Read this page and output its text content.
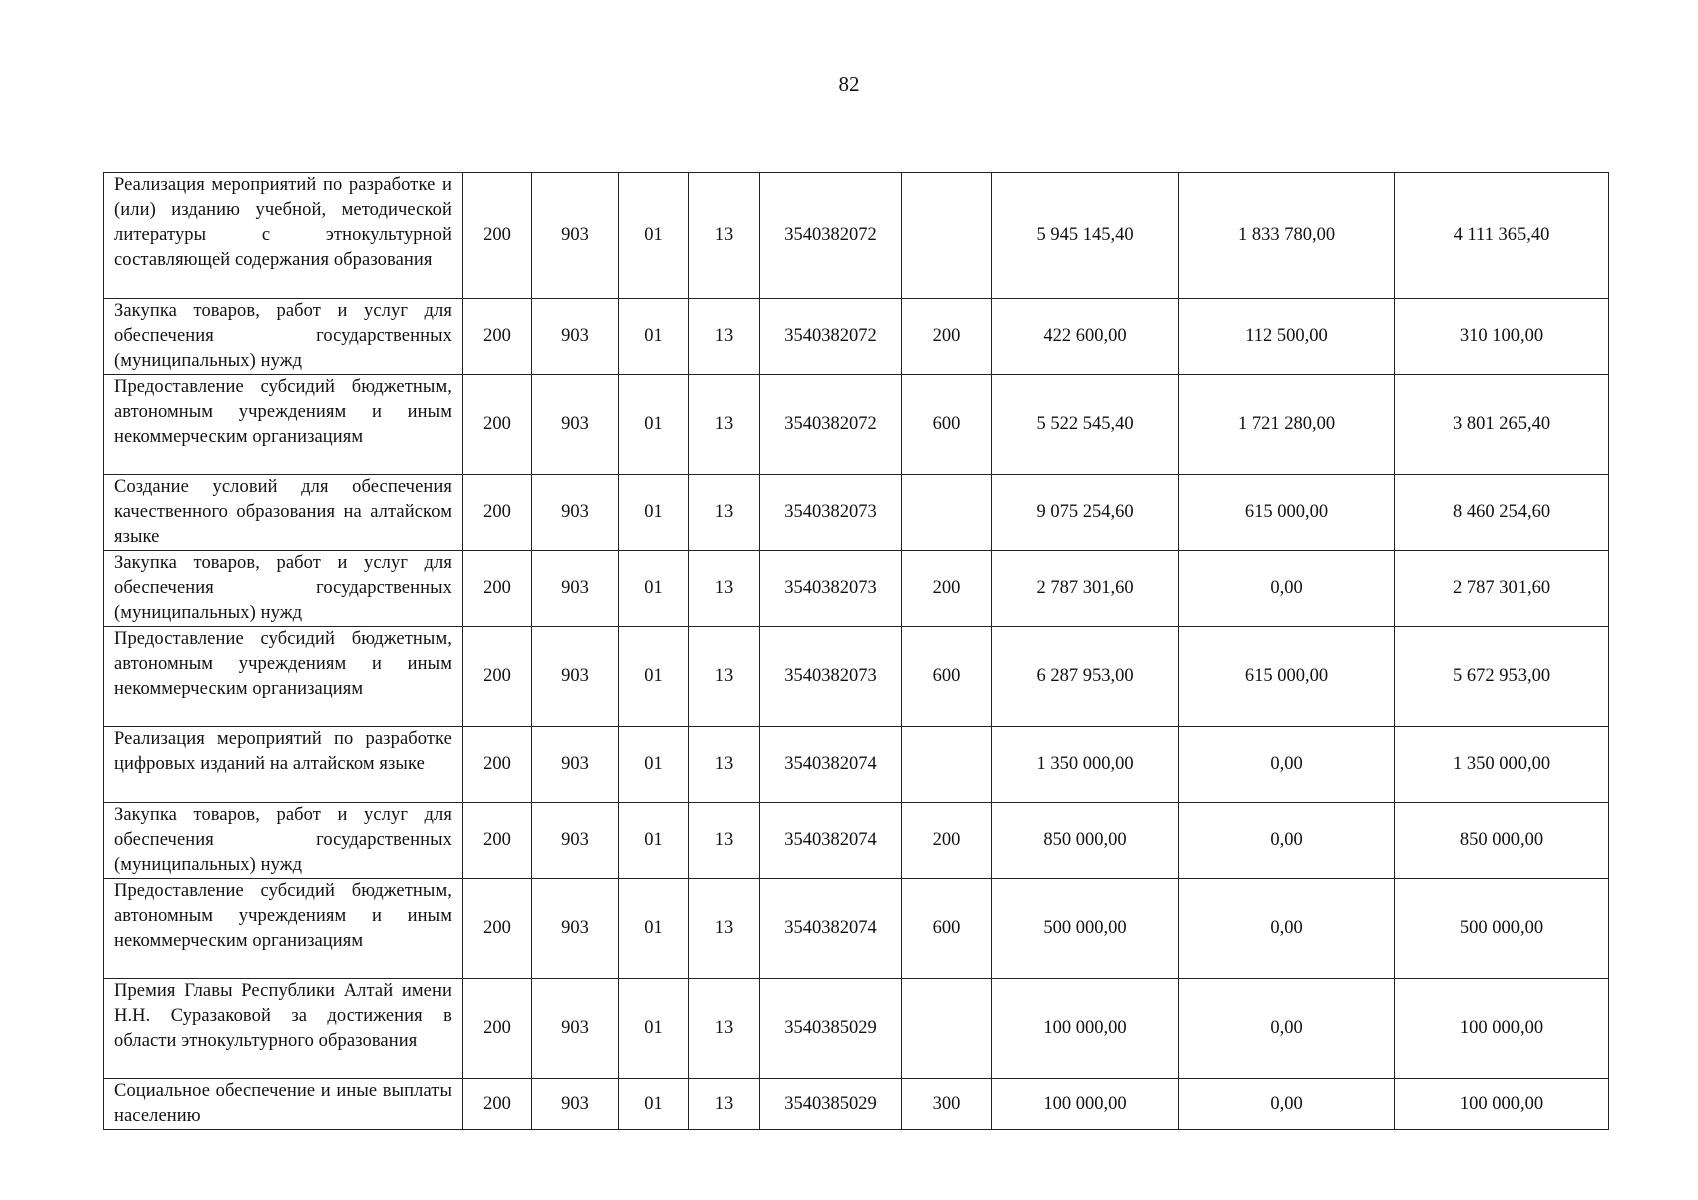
82
Реализация мероприятий по разработке и (или) изданию учебной, методической литературы с этнокультурной составляющей содержания образования	200	903	01	13	3540382072		5 945 145,40	1 833 780,00	4 111 365,40
Закупка товаров, работ и услуг для обеспечения государственных (муниципальных) нужд	200	903	01	13	3540382072	200	422 600,00	112 500,00	310 100,00
Предоставление субсидий бюджетным, автономным учреждениям и иным некоммерческим организациям	200	903	01	13	3540382072	600	5 522 545,40	1 721 280,00	3 801 265,40
Создание условий для обеспечения качественного образования на алтайском языке	200	903	01	13	3540382073		9 075 254,60	615 000,00	8 460 254,60
Закупка товаров, работ и услуг для обеспечения государственных (муниципальных) нужд	200	903	01	13	3540382073	200	2 787 301,60	0,00	2 787 301,60
Предоставление субсидий бюджетным, автономным учреждениям и иным некоммерческим организациям	200	903	01	13	3540382073	600	6 287 953,00	615 000,00	5 672 953,00
Реализация мероприятий по разработке цифровых изданий на алтайском языке	200	903	01	13	3540382074		1 350 000,00	0,00	1 350 000,00
Закупка товаров, работ и услуг для обеспечения государственных (муниципальных) нужд	200	903	01	13	3540382074	200	850 000,00	0,00	850 000,00
Предоставление субсидий бюджетным, автономным учреждениям и иным некоммерческим организациям	200	903	01	13	3540382074	600	500 000,00	0,00	500 000,00
Премия Главы Республики Алтай имени Н.Н. Суразаковой за достижения в области этнокультурного образования	200	903	01	13	3540385029		100 000,00	0,00	100 000,00
Социальное обеспечение и иные выплаты населению	200	903	01	13	3540385029	300	100 000,00	0,00	100 000,00
